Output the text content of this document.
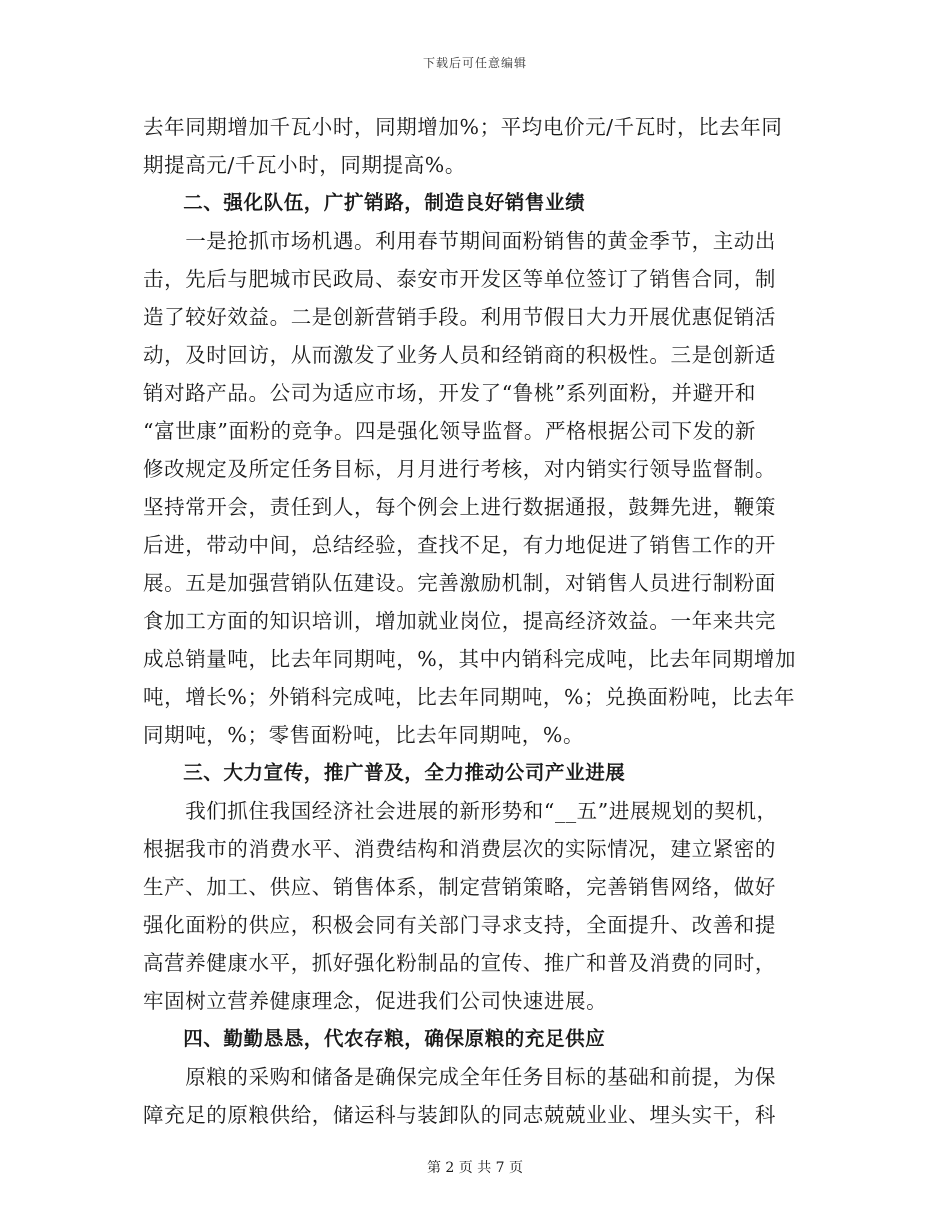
下载后可任意编辑
去年同期增加千瓦小时，同期增加%；平均电价元/千瓦时，比去年同
期提高元/千瓦小时，同期提高%。
　　二、强化队伍，广扩销路，制造良好销售业绩
　　一是抢抓市场机遇。利用春节期间面粉销售的黄金季节，主动出
击，先后与肥城市民政局、泰安市开发区等单位签订了销售合同，制
造了较好效益。二是创新营销手段。利用节假日大力开展优惠促销活
动，及时回访，从而激发了业务人员和经销商的积极性。三是创新适
销对路产品。公司为适应市场，开发了“鲁桃”系列面粉，并避开和
“富世康”面粉的竞争。四是强化领导监督。严格根据公司下发的新
修改规定及所定任务目标，月月进行考核，对内销实行领导监督制。
坚持常开会，责任到人，每个例会上进行数据通报，鼓舞先进，鞭策
后进，带动中间，总结经验，查找不足，有力地促进了销售工作的开
展。五是加强营销队伍建设。完善激励机制，对销售人员进行制粉面
食加工方面的知识培训，增加就业岗位，提高经济效益。一年来共完
成总销量吨，比去年同期吨，%，其中内销科完成吨，比去年同期增加
吨，增长%；外销科完成吨，比去年同期吨，%；兑换面粉吨，比去年
同期吨，%；零售面粉吨，比去年同期吨，%。
　　三、大力宣传，推广普及，全力推动公司产业进展
　　我们抓住我国经济社会进展的新形势和“__五”进展规划的契机，
根据我市的消费水平、消费结构和消费层次的实际情况，建立紧密的
生产、加工、供应、销售体系，制定营销策略，完善销售网络，做好
强化面粉的供应，积极会同有关部门寻求支持，全面提升、改善和提
高营养健康水平，抓好强化粉制品的宣传、推广和普及消费的同时，
牢固树立营养健康理念，促进我们公司快速进展。
　　四、勤勤恳恳，代农存粮，确保原粮的充足供应
　　原粮的采购和储备是确保完成全年任务目标的基础和前提，为保
障充足的原粮供给，储运科与装卸队的同志兢兢业业、埋头实干，科
第 2 页 共 7 页
